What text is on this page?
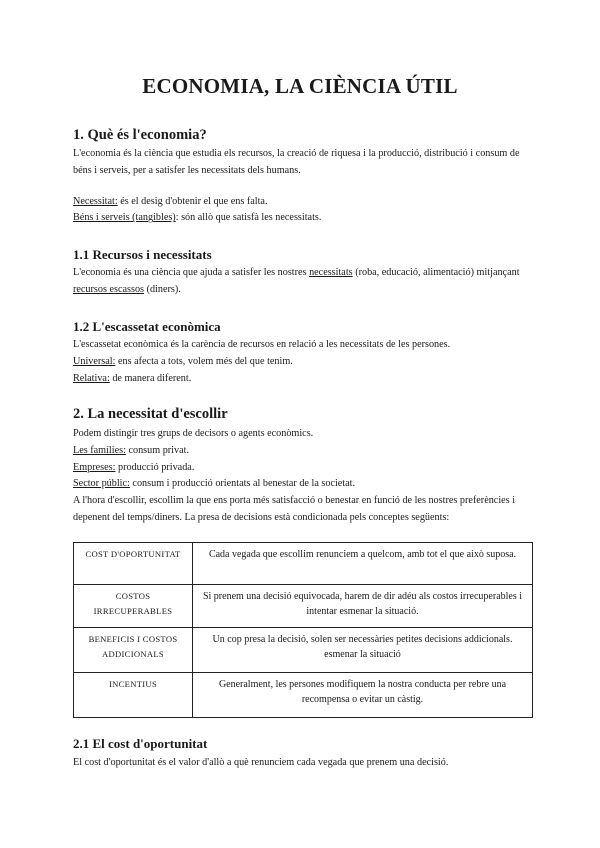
ECONOMIA, LA CIÈNCIA ÚTIL
1. Què és l'economia?

L'economia és la ciència que estudia els recursos, la creació de riquesa i la producció, distribució i consum de béns i serveis, per a satisfer les necessitats dels humans.

Necessitat: és el desig d'obtenir el que ens falta.

Béns i serveis (tangibles): són allò que satisfà les necessitats.

1.1 Recursos i necessitats

L'economia és una ciència que ajuda a satisfer les nostres necessitats (roba, educació, alimentació) mitjançant recursos escassos (diners).

1.2 L'escassetat econòmica

L'escassetat econòmica és la carència de recursos en relació a les necessitats de les persones.

Universal: ens afecta a tots, volem més del que tenim.

Relativa: de manera diferent.

2. La necessitat d'escollir

Podem distingir tres grups de decisors o agents econòmics.

Les famílies: consum privat.

Empreses: producció privada.

Sector públic: consum i producció orientats al benestar de la societat.

A l'hora d'escollir, escollim la que ens porta més satisfacció o benestar en funció de les nostres preferències i depenent del temps/diners. La presa de decisions està condicionada pels conceptes següents:

COST D'OPORTUNITAT	Cada vegada que escollim renunciem a quelcom, amb tot el que això suposa.
COSTOS IRRECUPERABLES	Si prenem una decisió equivocada, harem de dir adéu als costos irrecuperables i intentar esmenar la situació.
BENEFICIS I COSTOS ADDICIONALS	Un cop presa la decisió, solen ser necessàries petites decisions addicionals. esmenar la situació
INCENTIUS	Generalment, les persones modifiquem la nostra conducta per rebre una recompensa o evitar un càstig.
2.1 El cost d'oportunitat

El cost d'oportunitat és el valor d'allò a què renunciem cada vegada que prenem una decisió.
